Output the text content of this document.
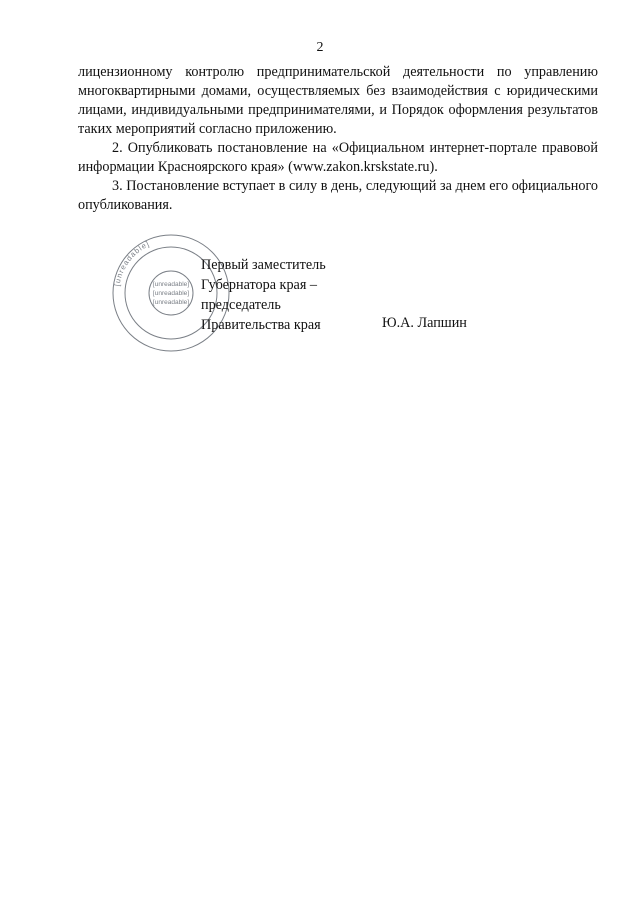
2

лицензионному контролю предпринимательской деятельности по управлению многоквартирными домами, осуществляемых без взаимодействия с юридическими лицами, индивидуальными предпринимателями, и Порядок оформления результатов таких мероприятий согласно приложению.

2. Опубликовать постановление на «Официальном интернет-портале правовой информации Красноярского края» (www.zakon.krskstate.ru).

3. Постановление вступает в силу в день, следующий за днем его официального опубликования.

[unreadable]
[unreadable]
[unreadable]
[unreadable]
Первый заместитель
Губернатора края –
председатель
Правительства края	Ю.А. Лапшин
